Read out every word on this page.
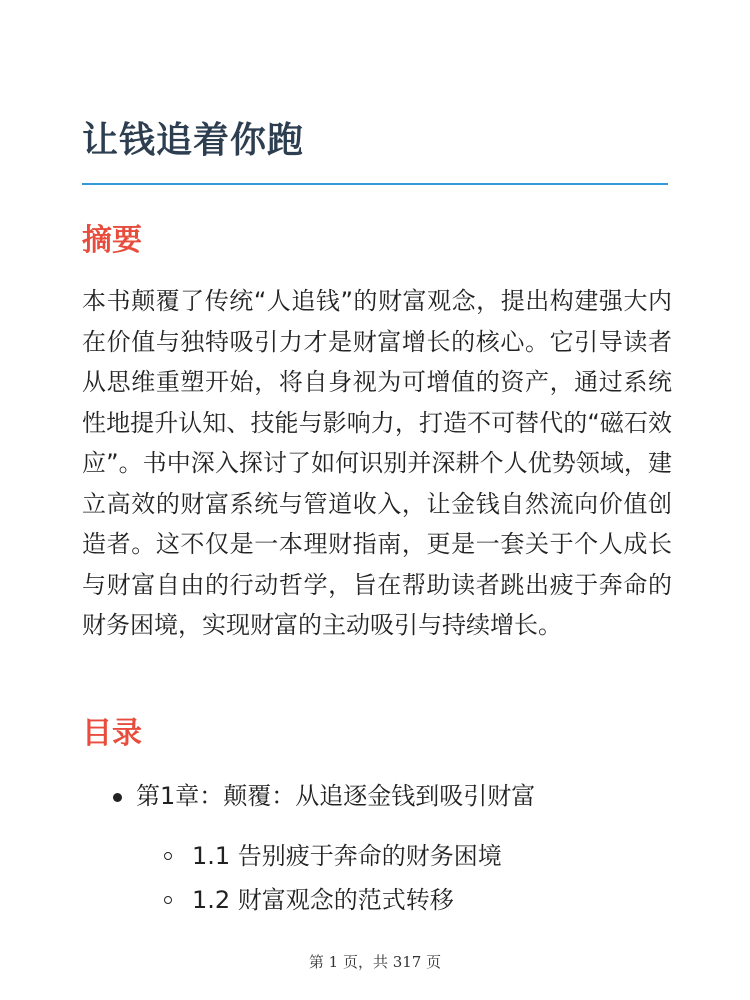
让钱追着你跑
摘要

本书颠覆了传统“人追钱”的财富观念，提出构建强大内在价值与独特吸引力才是财富增长的核心。它引导读者从思维重塑开始，将自身视为可增值的资产，通过系统性地提升认知、技能与影响力，打造不可替代的“磁石效应”。书中深入探讨了如何识别并深耕个人优势领域，建立高效的财富系统与管道收入，让金钱自然流向价值创造者。这不仅是一本理财指南，更是一套关于个人成长与财富自由的行动哲学，旨在帮助读者跳出疲于奔命的财务困境，实现财富的主动吸引与持续增长。

目录
第1章：颠覆：从追逐金钱到吸引财富
1.1 告别疲于奔命的财务困境
1.2 财富观念的范式转移
第 1 页，共 317 页
